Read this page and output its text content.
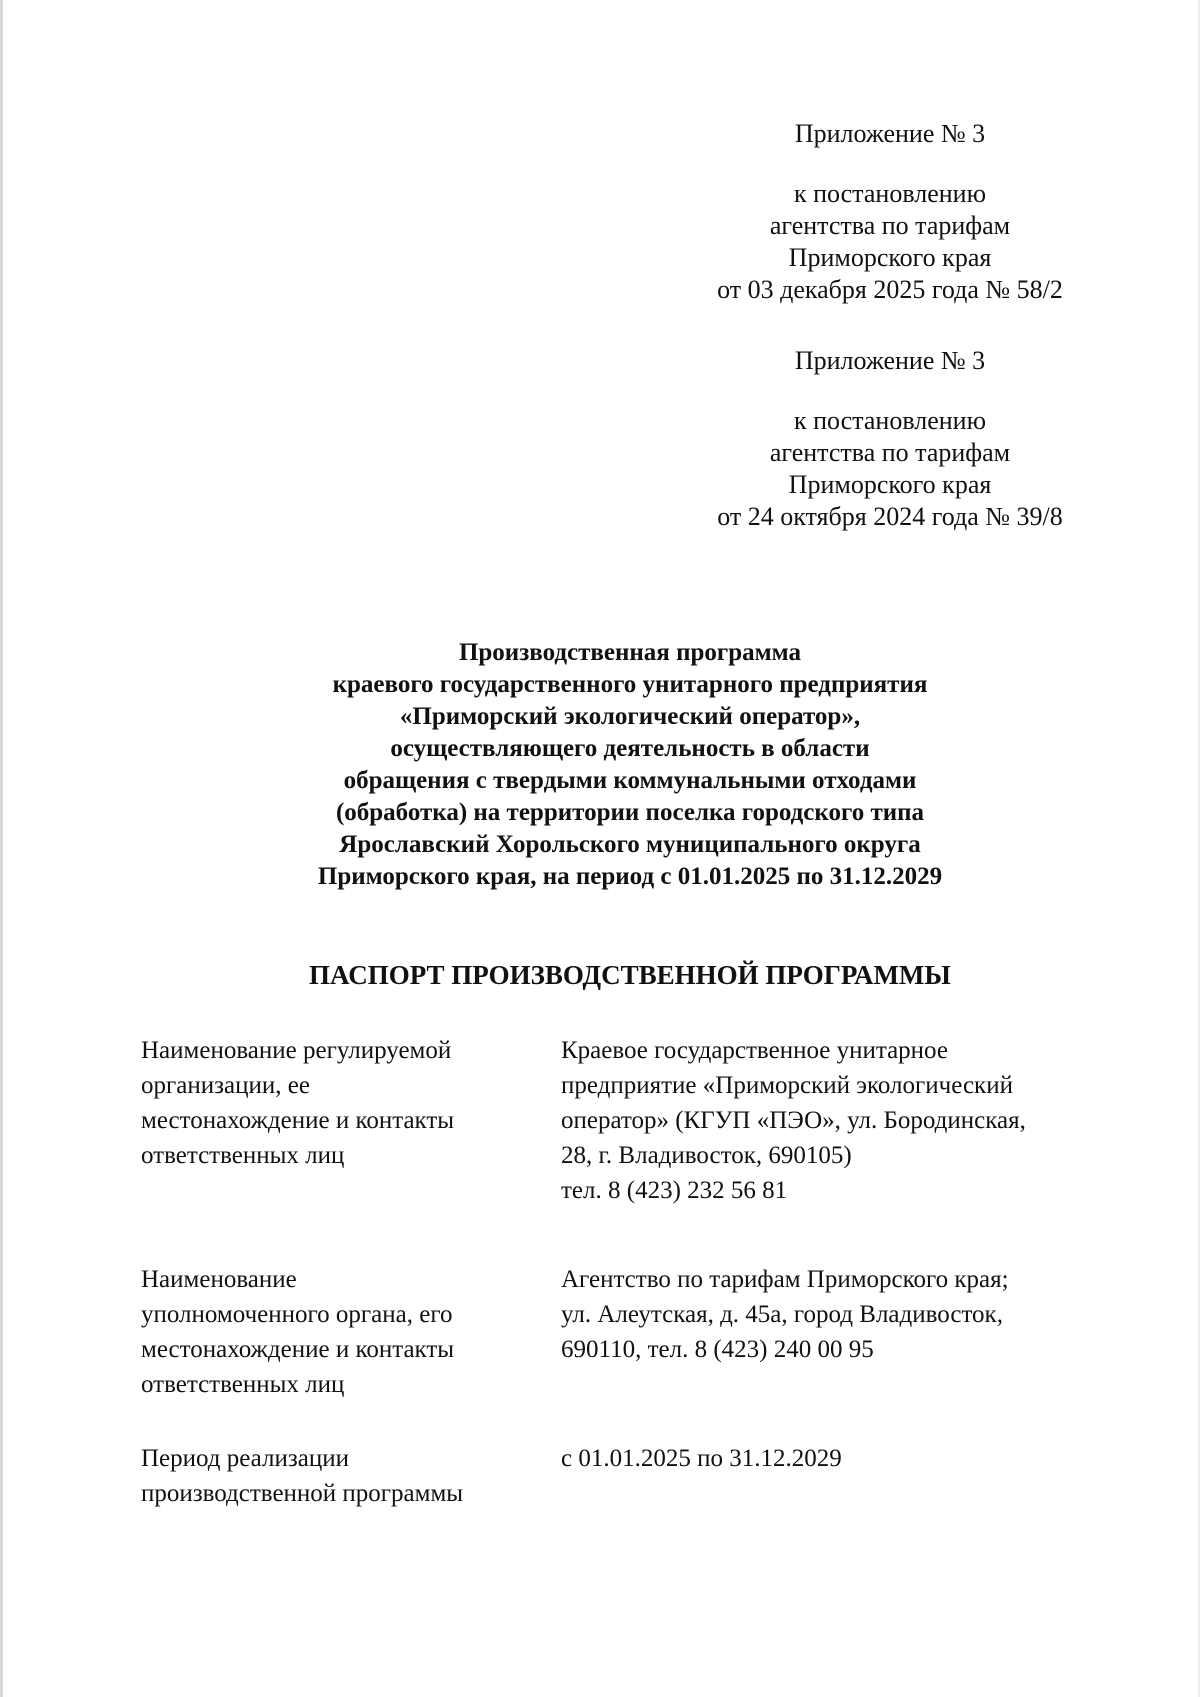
Приложение № 3
к постановлению
агентства по тарифам
Приморского края
от 03 декабря 2025 года № 58/2
Приложение № 3
к постановлению
агентства по тарифам
Приморского края
от 24 октября 2024 года № 39/8
Производственная программа
краевого государственного унитарного предприятия
«Приморский экологический оператор»,
осуществляющего деятельность в области
обращения с твердыми коммунальными отходами
(обработка) на территории поселка городского типа
Ярославский Хорольского муниципального округа
Приморского края, на период с 01.01.2025 по 31.12.2029
ПАСПОРТ ПРОИЗВОДСТВЕННОЙ ПРОГРАММЫ
Наименование регулируемой
организации, ее
местонахождение и контакты
ответственных лиц
Краевое государственное унитарное
предприятие «Приморский экологический
оператор» (КГУП «ПЭО», ул. Бородинская,
28, г. Владивосток, 690105)
тел. 8 (423) 232 56 81
Наименование
уполномоченного органа, его
местонахождение и контакты
ответственных лиц
Агентство по тарифам Приморского края;
ул. Алеутская, д. 45а, город Владивосток,
690110, тел. 8 (423) 240 00 95
Период реализации
производственной программы
с 01.01.2025 по 31.12.2029
